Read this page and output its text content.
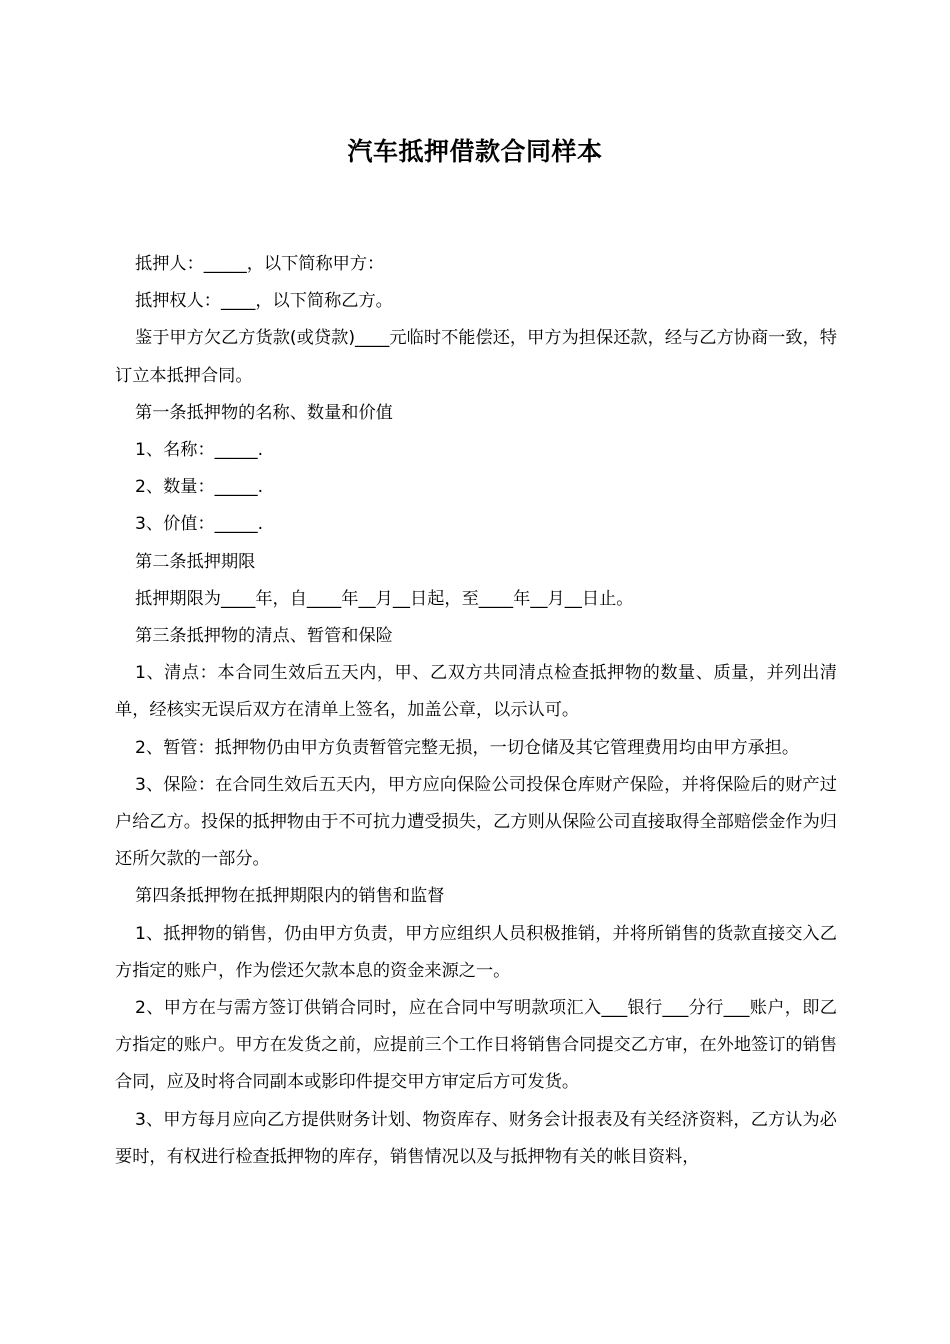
汽车抵押借款合同样本

抵押人：_____，以下简称甲方：

抵押权人：____，以下简称乙方。

鉴于甲方欠乙方货款(或贷款)____元临时不能偿还，甲方为担保还款，经与乙方协商一致，特订立本抵押合同。

第一条抵押物的名称、数量和价值

1、名称：_____.

2、数量：_____.

3、价值：_____.

第二条抵押期限

抵押期限为____年，自____年__月__日起，至____年__月__日止。

第三条抵押物的清点、暂管和保险

1、清点：本合同生效后五天内，甲、乙双方共同清点检查抵押物的数量、质量，并列出清单，经核实无误后双方在清单上签名，加盖公章，以示认可。

2、暂管：抵押物仍由甲方负责暂管完整无损，一切仓储及其它管理费用均由甲方承担。

3、保险：在合同生效后五天内，甲方应向保险公司投保仓库财产保险，并将保险后的财产过户给乙方。投保的抵押物由于不可抗力遭受损失，乙方则从保险公司直接取得全部赔偿金作为归还所欠款的一部分。

第四条抵押物在抵押期限内的销售和监督

1、抵押物的销售，仍由甲方负责，甲方应组织人员积极推销，并将所销售的货款直接交入乙方指定的账户，作为偿还欠款本息的资金来源之一。

2、甲方在与需方签订供销合同时，应在合同中写明款项汇入___银行___分行___账户，即乙方指定的账户。甲方在发货之前，应提前三个工作日将销售合同提交乙方审，在外地签订的销售合同，应及时将合同副本或影印件提交甲方审定后方可发货。

3、甲方每月应向乙方提供财务计划、物资库存、财务会计报表及有关经济资料，乙方认为必要时，有权进行检查抵押物的库存，销售情况以及与抵押物有关的帐目资料，
